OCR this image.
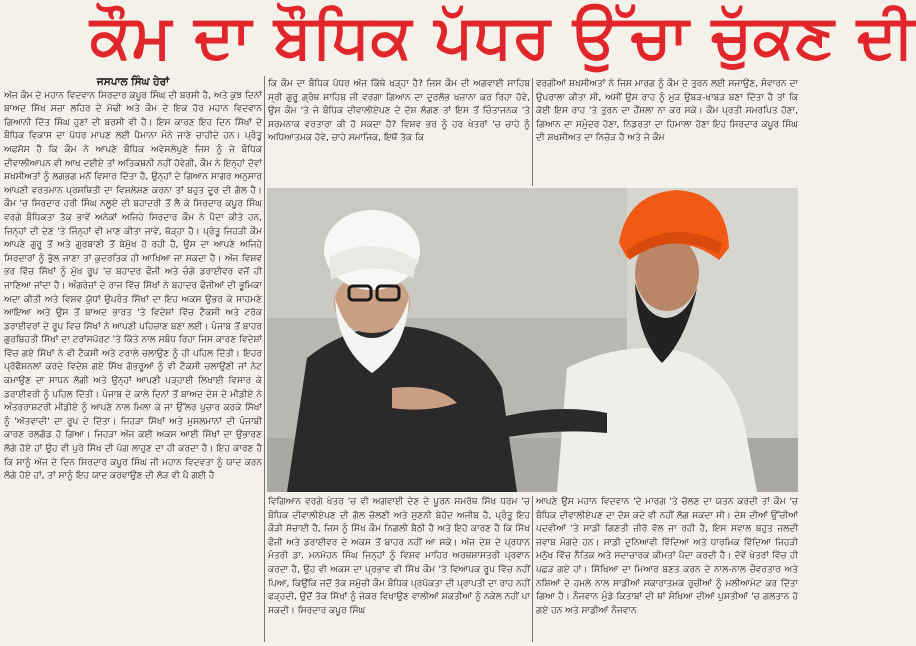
ਕੌਮ ਦਾ ਬੌਧਿਕ ਪੱਧਰ ਉੱਚਾ ਚੁੱਕਣ ਦੀ

ਜਸਪਾਲ ਸਿੰਘ ਹੇਰਾਂ

ਅੱਜ ਕੌਮ ਦੇ ਮਹਾਨ ਵਿਦਵਾਨ ਸਿਰਦਾਰ ਕਪੂਰ ਸਿੰਘ ਦੀ ਬਰਸੀ ਹੈ, ਅਤੇ ਕੁਝ ਦਿਨਾਂ ਬਾਅਦ ਸਿੱਖ ਸਜ਼ਾ ਲਹਿਰ ਦੇ ਮੋਢੀ ਅਤੇ ਕੌਮ ਦੇ ਇਕ ਹੋਰ ਮਹਾਨ ਵਿਦਵਾਨ ਗਿਆਨੀ ਦਿੱਤ ਸਿੰਘ ਹੁਣਾਂ ਦੀ ਬਰਸੀ ਵੀ ਹੈ। ਇਸ ਕਾਰਣ ਇਹ ਦਿਨ ਸਿੱਖਾਂ ਦੇ ਬੌਧਿਕ ਵਿਕਾਸ ਦਾ ਪੱਧਰ ਮਾਪਣ ਲਈ ਪੈਮਾਨਾ ਮੰਨੇ ਜਾਣੇ ਚਾਹੀਦੇ ਹਨ। ਪ੍ਰੰਤੂ ਅਫਸੋਸ ਹੈ ਕਿ ਕੌਮ ਨੇ ਆਪਣੇ ਬੌਧਿਕ ਅਵੇਸਲੇਪੁਣੇ ਜਿਸ ਨੂੰ ਜੇ ਬੌਧਿਕ ਦੀਵਾਲੀਆਪਨ ਵੀ ਆਖ ਦਈਏ ਤਾਂ ਅਤਿਕਥਨੀ ਨਹੀਂ ਹੋਵੇਗੀ, ਕੌਮ ਨੇ ਇਨ੍ਹਾਂ ਦੋਵਾਂ ਸ਼ਖਸੀਅਤਾਂ ਨੂੰ ਲਗਭਗ ਮਨੋਂ ਵਿਸਾਰ ਦਿੱਤਾ ਹੈ, ਉਨ੍ਹਾਂ ਦੇ ਗਿਆਨ ਸਾਗਰ ਅਨੁਸਾਰ ਆਪਣੀ ਵਰਤਮਾਨ ਪ੍ਰਸਥਿਤੀ ਦਾ ਵਿਸ਼ਲੇਸ਼ਣ ਕਰਨਾ ਤਾਂ ਬਹੁਤ ਦੂਰ ਦੀ ਗੱਲ ਹੈ। ਕੌਮ 'ਚ ਸਿਰਦਾਰ ਹਰੀ ਸਿੰਘ ਨਲੂਏ ਦੀ ਬਹਾਦਰੀ ਤੋਂ ਲੈ ਕੇ ਸਿਰਦਾਰ ਕਪੂਰ ਸਿੰਘ ਵਰਗੇ ਬੌਧਿਕਤਾ ਤੱਕ ਭਾਵੇਂ ਅਨੇਕਾਂ ਅਜਿਹੇ ਸਿਰਦਾਰ ਕੌਮ ਨੇ ਪੈਦਾ ਕੀਤੇ ਹਨ, ਜਿਨ੍ਹਾਂ ਦੀ ਦੇਣ 'ਤੇ ਜਿੰਨ੍ਹਾਂ ਵੀ ਮਾਣ ਕੀਤਾ ਜਾਵੇ, ਥੋੜ੍ਹਾ ਹੈ। ਪ੍ਰੰਤੂ ਜਿਹੜੀ ਕੌਮ ਆਪਣੇ ਗੁਰੂ ਤੋਂ ਅਤੇ ਗੁਰਬਾਣੀ ਤੋਂ ਬੇਮੁੱਖ ਹੋ ਰਹੀ ਹੈ, ਉਸ ਦਾ ਆਪਣੇ ਅਜਿਹੇ ਸਿਰਦਾਰਾਂ ਨੂੰ ਭੁੱਲ ਜਾਣਾ ਤਾਂ ਕੁਦਰਤਿਕ ਹੀ ਆਖਿਆ ਜਾ ਸਕਦਾ ਹੈ। ਅੱਜ ਵਿਸ਼ਵ ਭਰ ਵਿੱਚ ਸਿੱਖਾਂ ਨੂੰ ਮੁੱਖ ਰੂਪ 'ਚ ਬਹਾਦਰ ਫੌਜੀ ਅਤੇ ਚੰਗੇ ਡਰਾਈਵਰ ਵਜੋਂ ਹੀ ਜਾਣਿਆ ਜਾਂਦਾ ਹੈ। ਅੰਗਰੇਜ਼ਾਂ ਦੇ ਰਾਜ ਵਿੱਚ ਸਿੱਖਾਂ ਨੇ ਬਹਾਦਰ ਫੌਜੀਆਂ ਦੀ ਭੂਮਿਕਾ ਅਦਾ ਕੀਤੀ ਅਤੇ ਵਿਸ਼ਵ ਯੁੱਧਾਂ ਉਪਰੰਤ ਸਿੱਖਾਂ ਦਾ ਇਹ ਅਕਸ ਉਭਰ ਕੇ ਸਾਹਮਣੇ ਆਇਆ ਅਤੇ ਉਸ ਤੋਂ ਬਾਅਦ ਭਾਰਤ 'ਤੇ ਵਿਦੇਸ਼ਾਂ ਵਿੱਚ ਟੈਕਸੀ ਅਤੇ ਟਰੱਕ ਡਰਾਈਵਰਾਂ ਦੇ ਰੂਪ ਵਿਚ ਸਿੱਖਾਂ ਨੇ ਆਪਣੀ ਪਹਿਚਾਣ ਬਣਾ ਲਈ। ਪੰਜਾਬ ਤੋਂ ਬਾਹਰ ਗੁਰਬਿਹਤੀ ਸਿੱਖਾਂ ਦਾ ਟਰਾਂਸਪੋਰਟ 'ਤੇ ਕਿੱਤੇ ਨਾਲ ਸਬੰਧ ਰਿਹਾ ਜਿਸ ਕਾਰਣ ਵਿਦੇਸ਼ਾਂ ਵਿੱਚ ਗਏ ਸਿੱਖਾਂ ਨੇ ਵੀ ਟੈਕਸੀ ਅਤੇ ਟਰਾਲੇ ਚਲਾਉਣ ਨੂੰ ਹੀ ਪਹਿਲ ਦਿੱਤੀ। ਇਹਰ ਪ੍ਰੋਫੈਸ਼ਨਲਾਂ ਕਰਦੇ ਵਿਦੇਸ਼ ਗਏ ਸਿੱਖ ਗੱਭਰੂਆਂ ਨੂੰ ਵੀ ਟੈਕਸੀ ਚਲਾਉਣੀ ਜਾਂ ਨੇਟ ਕਮਾਉਣ ਦਾ ਸਾਧਨ ਲੱਗੀ ਅਤੇ ਉਨ੍ਹਾਂ ਆਪਣੀ ਪੜ੍ਹਾਈ ਲਿਖਾਈ ਵਿਸਾਰ ਕੇ ਡਰਾਈਵਰੀ ਨੂੰ ਪਹਿਲ ਦਿੱਤੀ। ਪੰਜਾਬ ਦੇ ਕਾਲੇ ਦਿਨਾਂ ਤੋਂ ਬਾਅਦ ਦੇਸ਼ ਦੇ ਮੀਡੀਏ ਨੇ ਅੰਤਰਰਾਸ਼ਟਰੀ ਮੀਡੀਏ ਨੂੰ ਆਪਣੇ ਨਾਲ ਮਿਲਾ ਕੇ ਜਾ ਉੱਲਰ ਪੁਚਾਰ ਕਰਕੇ ਸਿੱਖਾਂ ਨੂੰ 'ਅੱਤਵਾਦੀ' ਦਾ ਰੂਪ ਦੇ ਦਿੱਤਾ। ਜਿਹੜਾ ਸਿੱਖਾਂ ਅਤੇ ਮੁਸਲਮਾਨਾਂ ਦੀ ਪੰਜਾਬੀ ਕਾਰਣ ਰਲਗੱਡ ਹੋ ਗਿਆ। ਜਿਹੜਾ ਅੱਜ ਕਈ ਅਕਸ ਆਈ ਸਿੱਖਾਂ ਦਾ ਉਭਾਰਣ ਲੱਗੇ ਹੋਏ ਹਾਂ ਉਹ ਵੀ ਪੁਰੇ ਸਿੱਖ ਦੀ ਪੱਗ ਲਾਹੁਣ ਦਾ ਹੀ ਕਰਦਾ ਹੈ। ਇਹ ਕਾਰਣ ਹੈ ਕਿ ਸਾਨੂੰ ਅੱਜ ਦੇ ਦਿਨ ਸਿਰਦਾਰ ਕਪੂਰ ਸਿੰਘ ਜੀ ਮਹਾਨ ਵਿਦਵਤਾ ਨੂੰ ਯਾਦ ਕਰਨ ਲੱਗੇ ਹੋਏ ਹਾਂ, ਤਾਂ ਸਾਨੂੰ ਇਹ ਯਾਦ ਕਰਵਾਉਣ ਦੀ ਲੋੜ ਵੀ ਪੈ ਗਈ ਹੈ

ਕਿ ਕੌਮ ਦਾ ਬੌਧਿਕ ਪੱਧਰ ਅੱਜ ਕਿੱਥੇ ਖੜ੍ਹਾ ਹੈ? ਜਿਸ ਕੌਮ ਦੀ ਅਗਵਾਈ ਸਾਹਿਬ ਸ੍ਰੀ ਗੁਰੂ ਗ੍ਰੰਥ ਸਾਹਿਬ ਜੀ ਵਰਗਾ ਗਿਆਨ ਦਾ ਦੁਰਲੱਭ ਖਜ਼ਾਨਾ ਕਰ ਰਿਹਾ ਹੋਵੇ, ਉਸ ਕੌਮ 'ਤੇ ਜੇ ਬੌਧਿਕ ਦੀਵਾਲੀਏਪਣ ਦੇ ਦੋਸ਼ ਲੱਗਣ ਤਾਂ ਇਸ ਤੋਂ ਚਿੰਤਾਜਨਕ 'ਤੇ ਸ਼ਰਮਨਾਕ ਵਰਤਾਰਾ ਕੀ ਹੋ ਸਕਦਾ ਹੈ? ਵਿਸ਼ਵ ਭਰ ਨੂੰ ਹਰ ਖੇਤਰਾਂ 'ਚ ਚਾਹੇ ਨੂੰ ਅਧਿਆਤਮਕ ਹੋਵੇ, ਚਾਹੇ ਸਮਾਜਿਕ, ਇਥੋਂ ਤੱਕ ਕਿ

ਵਰਗੀਆਂ ਸ਼ਖਸੀਅਤਾਂ ਨੇ ਜਿਸ ਮਾਰਗ ਨੂੰ ਕੌਮ ਦੇ ਤੁਰਨ ਲਈ ਸਜਾਉਣ, ਸੰਵਾਰਨ ਦਾ ਉਪਰਾਲਾ ਕੀਤਾ ਸੀ, ਅਸੀਂ ਉਸ ਰਾਹ ਨੂੰ ਮੁੜ ਉਬੜ-ਖਾਬੜ ਬਣਾ ਦਿੱਤਾ ਹੈ ਤਾਂ ਕਿ ਕੋਈ ਇਸ ਰਾਹ 'ਤੇ ਤੁਰਨ ਦਾ ਹੌਂਸਲਾ ਨਾ ਕਰ ਸਕੇ। ਕੌਮ ਪ੍ਰਤੀ ਸਮਰਪਿਤ ਹੋਣਾ, ਗਿਆਨ ਦਾ ਸਮੁੰਦਰ ਹੋਣਾ, ਨਿਡਰਤਾ ਦਾ ਹਿਮਾਲਾ ਹੋਣਾ ਇਹ ਸਿਰਦਾਰ ਕਪੂਰ ਸਿੰਘ ਦੀ ਸ਼ਖਸੀਅਤ ਦਾ ਨਿਚੋੜ ਹੈ ਅਤੇ ਜੇ ਕੌਮ

ਵਿਗਿਆਨ ਵਰਗੇ ਖੇਤਰ 'ਚ ਵੀ ਅਗਵਾਈ ਦੇਣ ਦੇ ਪੂਰਨ ਸਮਰੱਥ ਸਿੱਖ ਧਰਮ 'ਚ ਬੌਧਿਕ ਦੀਵਾਲੀਏਪਣ ਦੀ ਗੱਲ ਚੱਲਣੀ ਅਤੇ ਸੁਣਨੀ ਬੇਹੱਦ ਅਜੀਬ ਹੈ, ਪ੍ਰੰਤੂ ਇਹ ਕੌੜੀ ਸੱਚਾਈ ਹੈ, ਜਿਸ ਨੂੰ ਸਿੱਖ ਕੌਮ ਨਿਗਲੀ ਬੈਠੀ ਹੈ ਅਤੇ ਇਹੋ ਕਾਰਣ ਹੈ ਕਿ ਸਿੱਖ ਫੌਜੀ ਅਤੇ ਡਰਾਈਵਰ ਦੇ ਅਕਸ ਤੋਂ ਬਾਹਰ ਨਹੀਂ ਆ ਸਕੇ। ਅੱਜ ਦੇਸ਼ ਦੇ ਪ੍ਰਧਾਨ ਮੰਤਰੀ ਡਾ. ਮਨਮੋਹਨ ਸਿੰਘ ਜਿਨ੍ਹਾਂ ਨੂੰ ਵਿਸ਼ਵ ਮਾਹਿਰ ਅਰਥਸ਼ਾਸਤਰੀ ਪ੍ਰਵਾਨ ਕਰਦਾ ਹੈ, ਉਹ ਵੀ ਅਕਸ ਦਾ ਪ੍ਰਭਾਵ ਵੀ ਸਿੱਖ ਕੌਮ 'ਤੇ ਵਿਆਪਕ ਰੂਪ ਵਿੱਚ ਨਹੀਂ ਪਿਆ, ਕਿਉਂਕਿ ਜਦੋਂ ਤੱਕ ਸਮੁੱਚੀ ਕੌਮ ਬੌਧਿਕ ਪ੍ਰਪੱਕਤਾ ਦੀ ਪ੍ਰਾਪਤੀ ਦਾ ਰਾਹ ਨਹੀਂ ਫੜ੍ਹਦੀ, ਉਦੋਂ ਤੱਕ ਸਿੱਖਾਂ ਨੂੰ ਜੇਕਰ ਵਿਖਾਉਣ ਵਾਲੀਆਂ ਸ਼ਕਤੀਆਂ ਨੂੰ ਨਕੇਲ ਨਹੀਂ ਪਾ ਸਕਦੀ। ਸਿਰਦਾਰ ਕਪੂਰ ਸਿੰਘ

ਆਪਣੇ ਉਸ ਮਹਾਨ ਵਿਦਵਾਨ 'ਦੇ ਮਾਰਗ 'ਤੇ ਚੱਲਣ ਦਾ ਯਤਨ ਕਰਦੀ ਤਾਂ ਕੌਮ 'ਚ ਬੌਧਿਕ ਦੀਵਾਲੀਏਪਣ ਦਾ ਦੋਸ਼ ਕਦੇ ਵੀ ਨਹੀਂ ਲੱਗ ਸਕਦਾ ਸੀ। ਦੇਸ਼ ਦੀਆਂ ਉੱਚੀਆਂ ਪਦਵੀਆਂ 'ਤੇ ਸਾਡੀ ਗਿਣਤੀ ਜ਼ੀਰੋ ਵੱਲ ਜਾ ਰਹੀ ਹੈ, ਇਸ ਸਵਾਲ ਬਹੁਤ ਜਲਦੀ ਜਵਾਬ ਮੰਗਦੇ ਹਨ। ਸਾਡੀ ਦੁਨਿਆਵੀ ਵਿੱਦਿਆ ਅਤੇ ਧਾਰਮਿਕ ਵਿੱਦਿਆ ਜਿਹੜੀ ਮਨੁੱਖ ਵਿੱਚ ਨੈਤਿਕ ਅਤੇ ਸਦਾਚਾਰਕ ਕੀਮਤਾਂ ਪੈਦਾ ਕਰਦੀ ਹੈ। ਦੋਵੇਂ ਖੇਤਰਾਂ ਵਿੱਚ ਹੀ ਪਛੜ ਗਏ ਹਾਂ। ਸਿੱਖਿਆ ਦਾ ਮਿਆਰ ਬਣਤ ਕਰਨ ਦੇ ਨਾਲ-ਨਾਲ ਚੌਵਰਤਾਰ ਅਤੇ ਨਸ਼ਿਆਂ ਦੇ ਹਮਲੇ ਨਾਲ ਸਾਡੀਆਂ ਸਕਾਰਾਤਮਕ ਰੁਚੀਆਂ ਨੂੰ ਮਲੀਆਮੇਟ ਕਰ ਦਿੱਤਾ ਗਿਆ ਹੈ। ਨੌਜਵਾਨ ਮੁੰਡੇ ਕਿਤਾਬਾਂ ਦੀ ਥਾਂ ਸੰਖਿਆ ਦੀਆਂ ਪੁਸ਼ਤੀਆਂ 'ਚ ਗਲਤਾਨ ਹੋ ਗਏ ਹਨ ਅਤੇ ਸਾਡੀਆਂ ਨੌਜਵਾਨ
